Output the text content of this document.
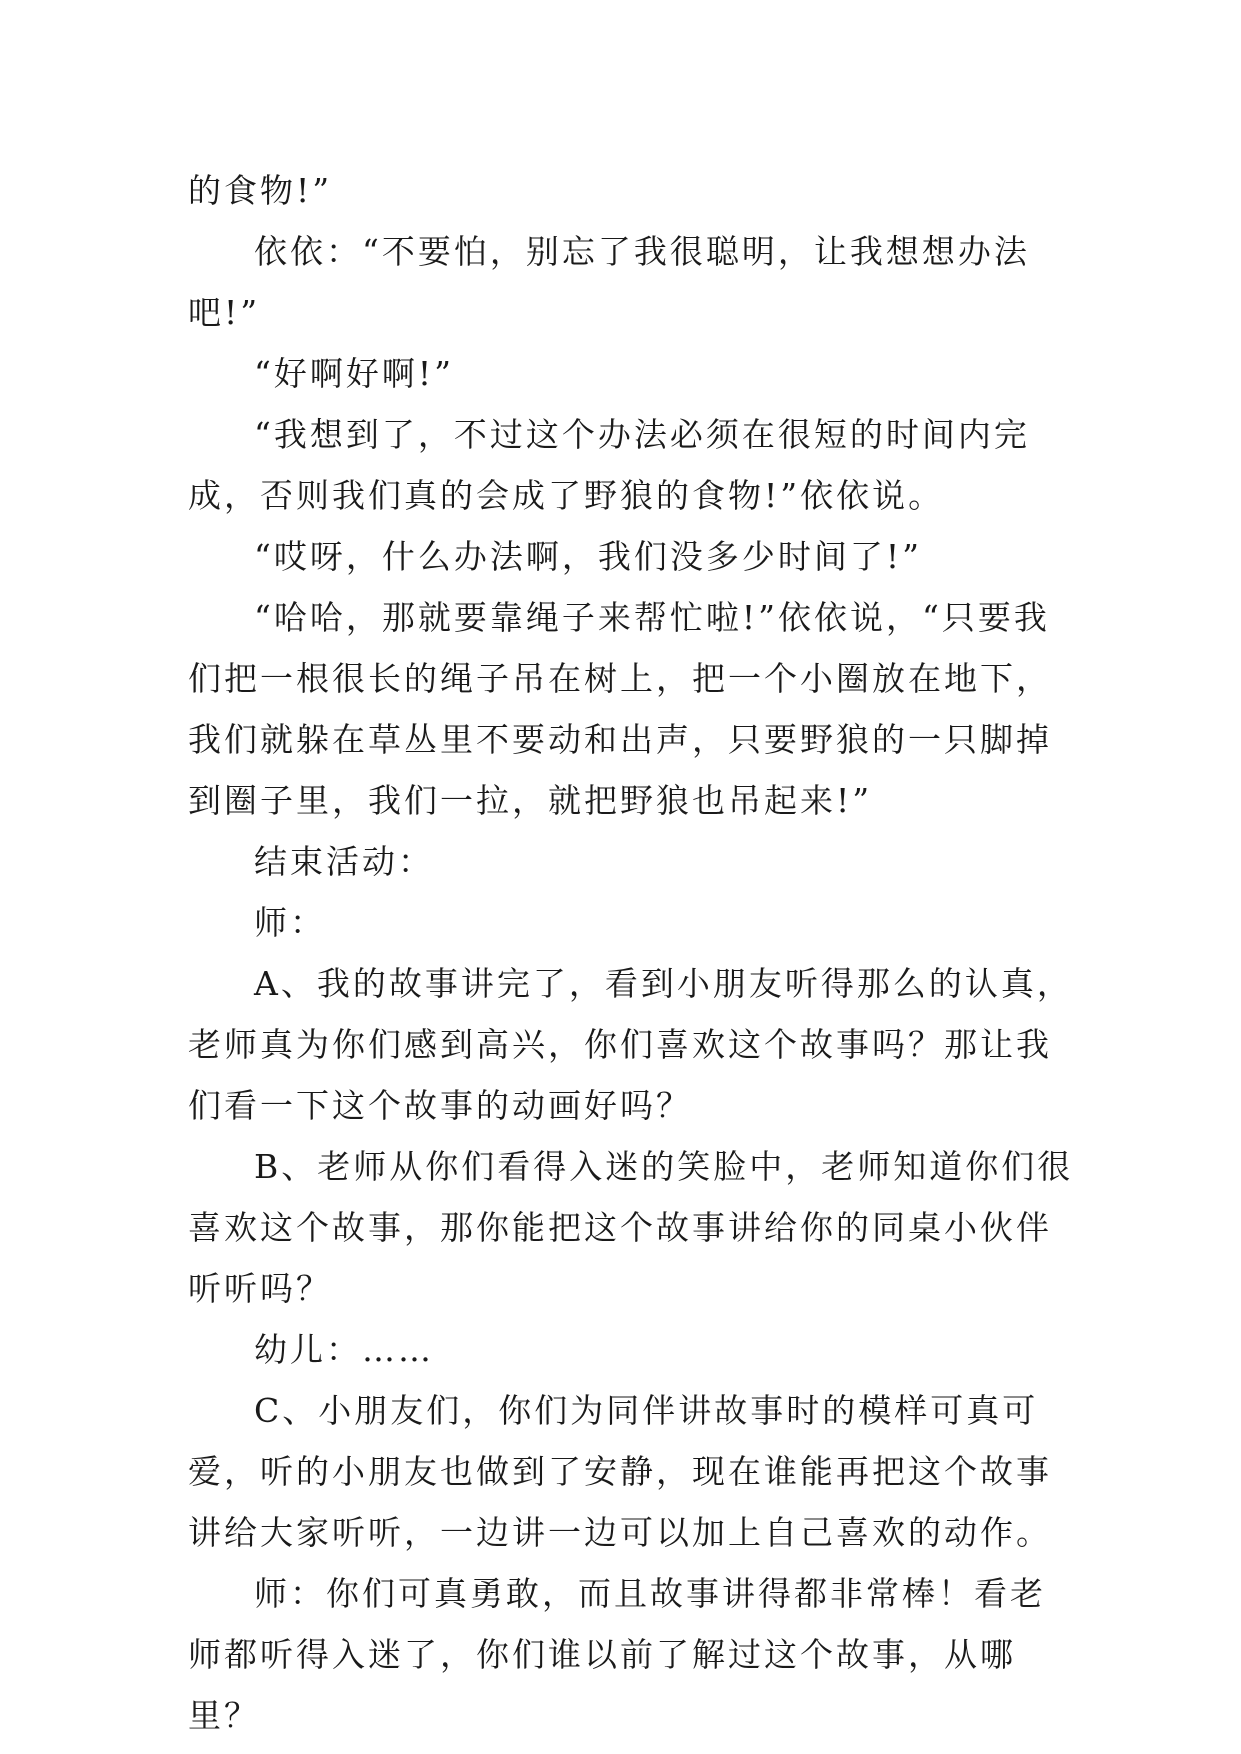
的食物!”

依依：“不要怕，别忘了我很聪明，让我想想办法吧!”

“好啊好啊!”

“我想到了，不过这个办法必须在很短的时间内完成，否则我们真的会成了野狼的食物!”依依说。

“哎呀，什么办法啊，我们没多少时间了!”

“哈哈，那就要靠绳子来帮忙啦!”依依说，“只要我们把一根很长的绳子吊在树上，把一个小圈放在地下，我们就躲在草丛里不要动和出声，只要野狼的一只脚掉到圈子里，我们一拉，就把野狼也吊起来!”

结束活动：

师：

A、我的故事讲完了，看到小朋友听得那么的认真，老师真为你们感到高兴，你们喜欢这个故事吗？那让我们看一下这个故事的动画好吗？

B、老师从你们看得入迷的笑脸中，老师知道你们很喜欢这个故事，那你能把这个故事讲给你的同桌小伙伴听听吗？

幼儿：……

C、小朋友们，你们为同伴讲故事时的模样可真可爱，听的小朋友也做到了安静，现在谁能再把这个故事讲给大家听听，一边讲一边可以加上自己喜欢的动作。

师：你们可真勇敢，而且故事讲得都非常棒！看老师都听得入迷了，你们谁以前了解过这个故事，从哪里？
